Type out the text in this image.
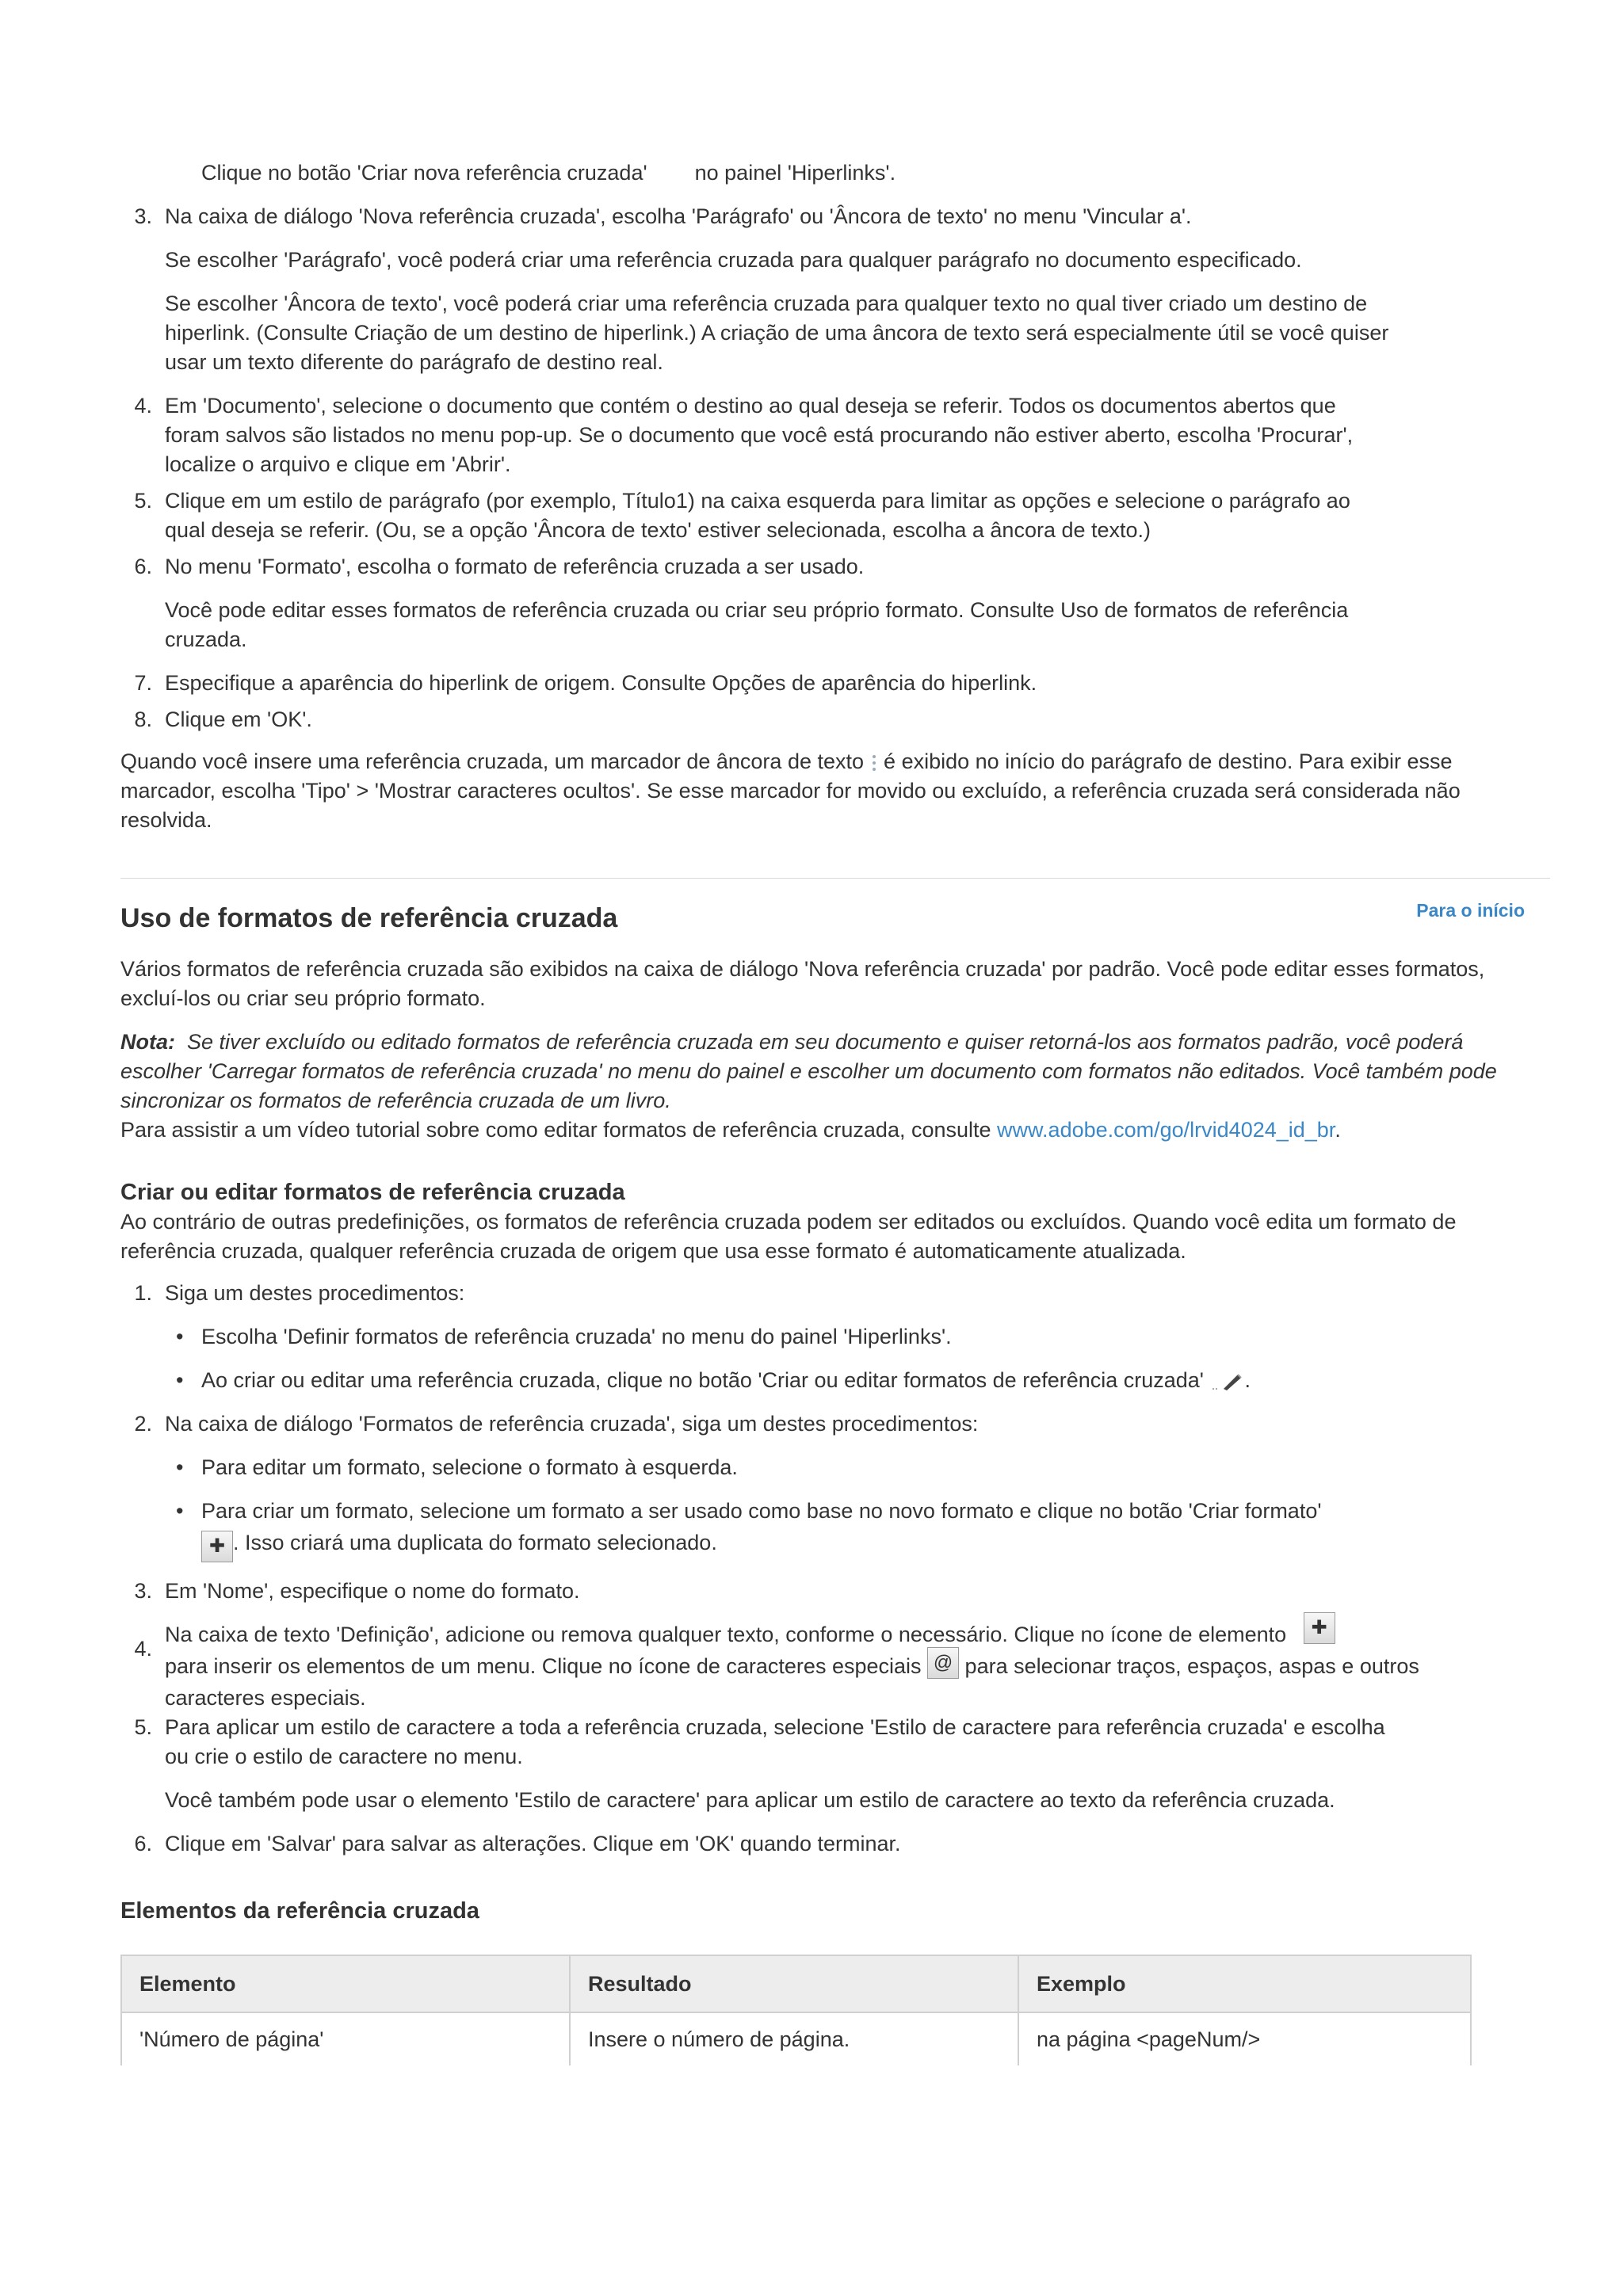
Clique no botão 'Criar nova referência cruzada' no painel 'Hiperlinks'.

3. Na caixa de diálogo 'Nova referência cruzada', escolha 'Parágrafo' ou 'Âncora de texto' no menu 'Vincular a'.

Se escolher 'Parágrafo', você poderá criar uma referência cruzada para qualquer parágrafo no documento especificado.

Se escolher 'Âncora de texto', você poderá criar uma referência cruzada para qualquer texto no qual tiver criado um destino de hiperlink. (Consulte Criação de um destino de hiperlink.) A criação de uma âncora de texto será especialmente útil se você quiser usar um texto diferente do parágrafo de destino real.

4. Em 'Documento', selecione o documento que contém o destino ao qual deseja se referir. Todos os documentos abertos que foram salvos são listados no menu pop-up. Se o documento que você está procurando não estiver aberto, escolha 'Procurar', localize o arquivo e clique em 'Abrir'.
5. Clique em um estilo de parágrafo (por exemplo, Título1) na caixa esquerda para limitar as opções e selecione o parágrafo ao qual deseja se referir. (Ou, se a opção 'Âncora de texto' estiver selecionada, escolha a âncora de texto.)
6. No menu 'Formato', escolha o formato de referência cruzada a ser usado.

Você pode editar esses formatos de referência cruzada ou criar seu próprio formato. Consulte Uso de formatos de referência cruzada.

7. Especifique a aparência do hiperlink de origem. Consulte Opções de aparência do hiperlink.
8. Clique em 'OK'.

Quando você insere uma referência cruzada, um marcador de âncora de texto é exibido no início do parágrafo de destino. Para exibir esse marcador, escolha 'Tipo' > 'Mostrar caracteres ocultos'. Se esse marcador for movido ou excluído, a referência cruzada será considerada não resolvida.

Uso de formatos de referência cruzada	Para o início

Vários formatos de referência cruzada são exibidos na caixa de diálogo 'Nova referência cruzada' por padrão. Você pode editar esses formatos, excluí-los ou criar seu próprio formato.

Nota: Se tiver excluído ou editado formatos de referência cruzada em seu documento e quiser retorná-los aos formatos padrão, você poderá escolher 'Carregar formatos de referência cruzada' no menu do painel e escolher um documento com formatos não editados. Você também pode sincronizar os formatos de referência cruzada de um livro.

Para assistir a um vídeo tutorial sobre como editar formatos de referência cruzada, consulte www.adobe.com/go/lrvid4024_id_br.

Criar ou editar formatos de referência cruzada

Ao contrário de outras predefinições, os formatos de referência cruzada podem ser editados ou excluídos. Quando você edita um formato de referência cruzada, qualquer referência cruzada de origem que usa esse formato é automaticamente atualizada.

1. Siga um destes procedimentos:
• Escolha 'Definir formatos de referência cruzada' no menu do painel 'Hiperlinks'.
• Ao criar ou editar uma referência cruzada, clique no botão 'Criar ou editar formatos de referência cruzada' .
2. Na caixa de diálogo 'Formatos de referência cruzada', siga um destes procedimentos:
• Para editar um formato, selecione o formato à esquerda.
• Para criar um formato, selecione um formato a ser usado como base no novo formato e clique no botão 'Criar formato'
✚ . Isso criará uma duplicata do formato selecionado.
3. Em 'Nome', especifique o nome do formato.
4.
Na caixa de texto 'Definição', adicione ou remova qualquer texto, conforme o necessário. Clique no ícone de elemento ✚
para inserir os elementos de um menu. Clique no ícone de caracteres especiais @ para selecionar traços, espaços, aspas e outros caracteres especiais.
5. Para aplicar um estilo de caractere a toda a referência cruzada, selecione 'Estilo de caractere para referência cruzada' e escolha ou crie o estilo de caractere no menu.

Você também pode usar o elemento 'Estilo de caractere' para aplicar um estilo de caractere ao texto da referência cruzada.

6. Clique em 'Salvar' para salvar as alterações. Clique em 'OK' quando terminar.
Elementos da referência cruzada
Elemento	Resultado	Exemplo
'Número de página'	Insere o número de página.	na página <pageNum/>
